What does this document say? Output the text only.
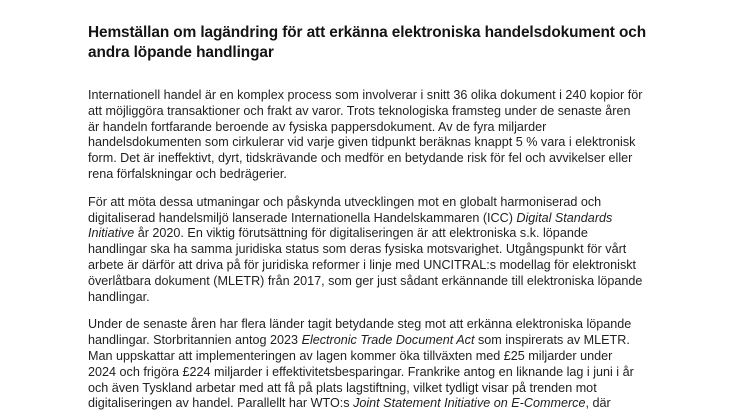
Hemställan om lagändring för att erkänna elektroniska handelsdokument och
andra löpande handlingar
Internationell handel är en komplex process som involverar i snitt 36 olika dokument i 240 kopior för
att möjliggöra transaktioner och frakt av varor. Trots teknologiska framsteg under de senaste åren
är handeln fortfarande beroende av fysiska pappersdokument. Av de fyra miljarder
handelsdokumenten som cirkulerar vid varje given tidpunkt beräknas knappt 5 % vara i elektronisk
form. Det är ineffektivt, dyrt, tidskrävande och medför en betydande risk för fel och avvikelser eller
rena förfalskningar och bedrägerier.
För att möta dessa utmaningar och påskynda utvecklingen mot en globalt harmoniserad och
digitaliserad handelsmiljö lanserade Internationella Handelskammaren (ICC) Digital Standards
Initiative år 2020. En viktig förutsättning för digitaliseringen är att elektroniska s.k. löpande
handlingar ska ha samma juridiska status som deras fysiska motsvarighet. Utgångspunkt för vårt
arbete är därför att driva på för juridiska reformer i linje med UNCITRAL:s modellag för elektroniskt
överlåtbara dokument (MLETR) från 2017, som ger just sådant erkännande till elektroniska löpande
handlingar.
Under de senaste åren har flera länder tagit betydande steg mot att erkänna elektroniska löpande
handlingar. Storbritannien antog 2023 Electronic Trade Document Act som inspirerats av MLETR.
Man uppskattar att implementeringen av lagen kommer öka tillväxten med £25 miljarder under
2024 och frigöra £224 miljarder i effektivitetsbesparingar. Frankrike antog en liknande lag i juni i år
och även Tyskland arbetar med att få på plats lagstiftning, vilket tydligt visar på trenden mot
digitaliseringen av handel. Parallellt har WTO:s Joint Statement Initiative on E-Commerce, där
